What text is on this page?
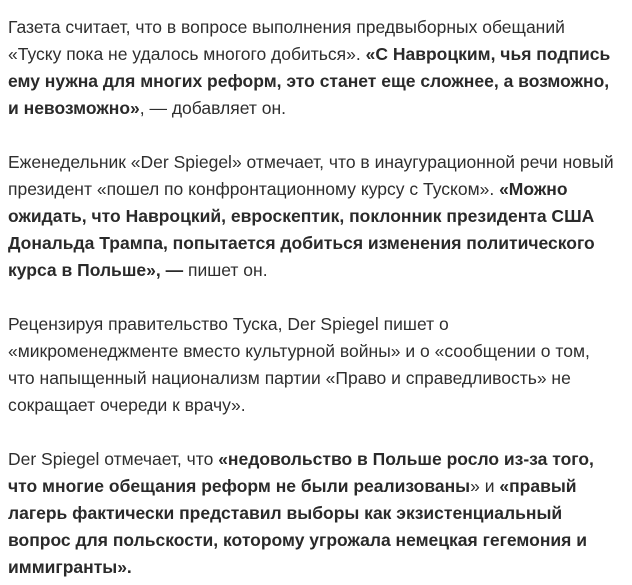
Газета считает, что в вопросе выполнения предвыборных обещаний «Туску пока не удалось многого добиться». «С Навроцким, чья подпись ему нужна для многих реформ, это станет еще сложнее, а возможно, и невозможно», — добавляет он.

Еженедельник «Der Spiegel» отмечает, что в инаугурационной речи новый президент «пошел по конфронтационному курсу с Туском». «Можно ожидать, что Навроцкий, евроскептик, поклонник президента США Дональда Трампа, попытается добиться изменения политического курса в Польше», — пишет он.

Рецензируя правительство Туска, Der Spiegel пишет о «микроменеджменте вместо культурной войны» и о «сообщении о том, что напыщенный национализм партии «Право и справедливость» не сокращает очереди к врачу».

Der Spiegel отмечает, что «недовольство в Польше росло из-за того, что многие обещания реформ не были реализованы» и «правый лагерь фактически представил выборы как экзистенциальный вопрос для польскости, которому угрожала немецкая гегемония и иммигранты».
